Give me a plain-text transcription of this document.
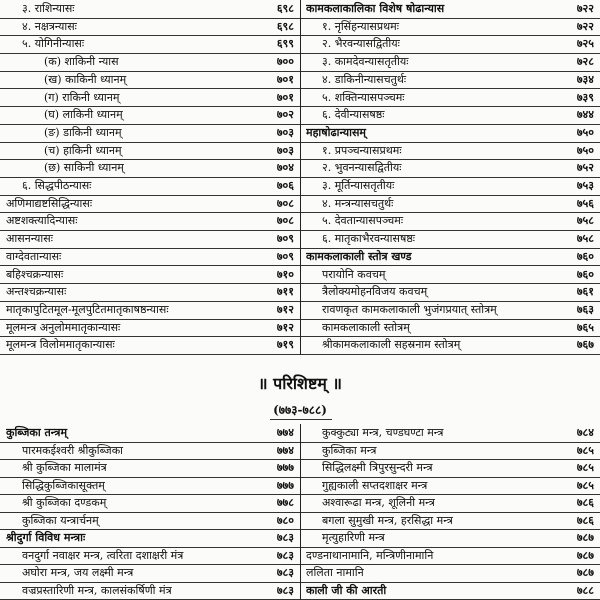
३. राशिन्यासः	६९८
४. नक्षत्रन्यासः	६९८
५. योगिनीन्यासः	६९९
(क) शाकिनी न्यास	७००
(ख) काकिनी ध्यानम्	७०१
(ग) राकिनी ध्यानम्	७०१
(घ) लाकिनी ध्यानम्	७०२
(ङ) डाकिनी ध्यानम्	७०३
(च) हाकिनी ध्यानम्	७०३
(छ) साकिनी ध्यानम्	७०४
६. सिद्धपीठन्यासः	७०६
अणिमाद्यष्टसिद्धिन्यासः	७०८
अष्टशक्त्यादिन्यासः	७०८
आसनन्यासः	७०९
वाग्देवतान्यासः	७०९
बहिश्चक्रन्यासः	७१०
अन्तश्चक्रन्यासः	७११
मातृकापुटितमूल-मूलपुटितमातृकाषष्ठन्यासः	७१२
मूलमन्त्र अनुलोममातृकान्यासः	७१२
मूलमन्त्र विलोममातृकान्यासः	७१९
कामकलाकालिका विशेष षोढान्यास	७२२
१. नृसिंहन्यासप्रथमः	७२२
२. भैरवन्यासद्वितीयः	७२५
३. कामदेवन्यासतृतीयः	७२८
४. डाकिनीन्यासचतुर्थः	७३४
५. शक्तिन्यासपञ्चमः	७३९
६. देवीन्यासषष्ठः	७४४
महाषोढान्यासम्	७५०
१. प्रपञ्चन्यासप्रथमः	७५०
२. भुवनन्यासद्वितीयः	७५२
३. मूर्तिन्यासतृतीयः	७५३
४. मन्त्रन्यासचतुर्थः	७५६
५. देवतान्यासपञ्चमः	७५८
६. मातृकाभैरवन्यासषष्ठः	७५८
कामकलाकाली स्तोत्र खण्ड	७६०
परायोनि कवचम्	७६०
त्रैलोक्यमोहनविजय कवचम्	७६१
रावणकृत कामकलाकाली भुजंगप्रयात् स्तोत्रम्	७६३
कामकलाकाली स्तोत्रम्	७६५
श्रीकामकलाकाली सहस्रनाम स्तोत्रम्	७६७
॥ परिशिष्टम् ॥
(७७३-७८८)
कुब्जिका तन्त्रम्	७७४
पारमकईश्वरी श्रीकुब्जिका	७७४
श्री कुब्जिका मालामंत्र	७७७
सिद्धिकुब्जिकासूक्तम्	७७७
श्री कुब्जिका दण्डकम्	७७८
कुब्जिका यन्त्रार्चनम्	७८०
श्रीदुर्गा विविध मन्त्राः	७८३
वनदुर्गा नवाक्षर मन्त्र, त्वरिता दशाक्षरी मंत्र	७८३
अघोरा मन्त्र, जय लक्ष्मी मन्त्र	७८३
वज्रप्रस्तारिणी मन्त्र, कालसंकर्षिणी मंत्र	७८३
कुक्कुट्या मन्त्र, चण्डघण्टा मन्त्र	७८४
कुब्जिका मन्त्र	७८५
सिद्धिलक्ष्मी त्रिपुरसुन्दरी मन्त्र	७८५
गुह्यकाली सप्तदशाक्षर मन्त्र	७८५
अश्वारूढा मन्त्र, शूलिनी मन्त्र	७८६
बगला सुमुखी मन्त्र, हरसिद्धा मन्त्र	७८६
मृत्युहारिणी मन्त्र	७८७
दण्डनाथानामानि, मन्त्रिणीनामानि	७८७
ललिता नामानि	७८७
काली जी की आरती	७८८
